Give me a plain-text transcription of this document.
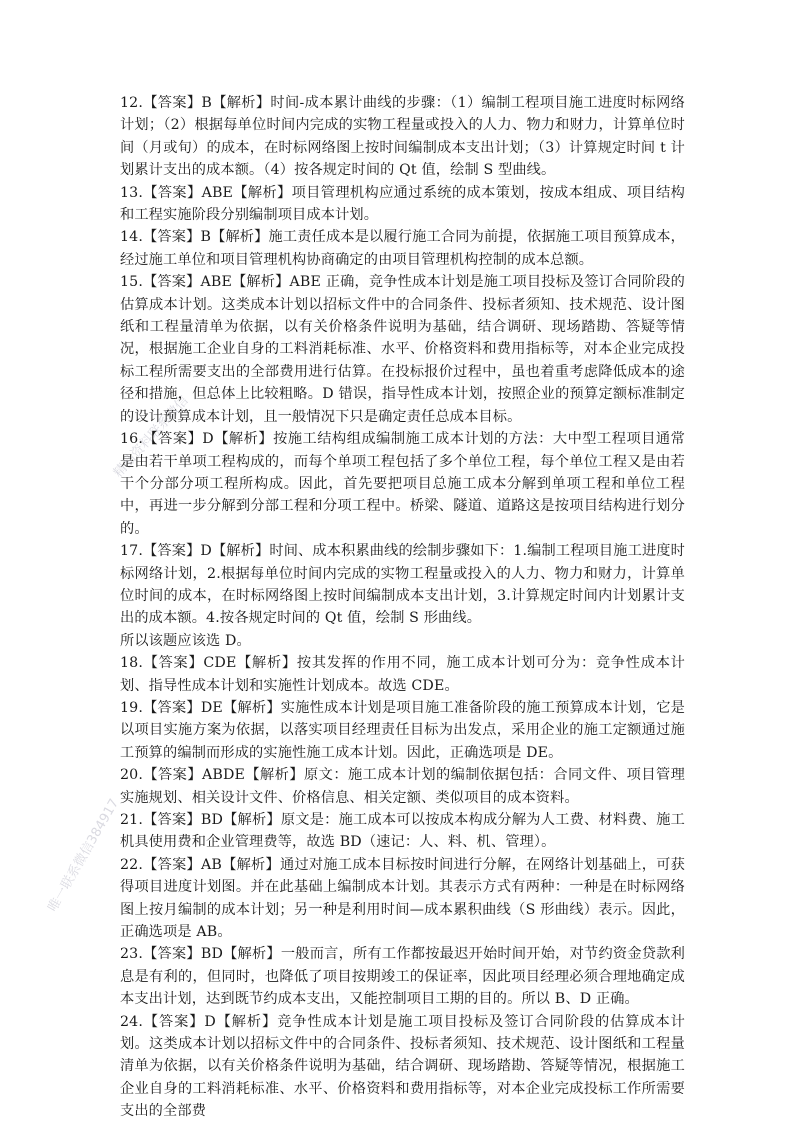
精品资料联系微信
唯一联系微信384917

12.【答案】B【解析】时间-成本累计曲线的步骤：（1）编制工程项目施工进度时标网络计划；（2）根据每单位时间内完成的实物工程量或投入的人力、物力和财力，计算单位时间（月或旬）的成本，在时标网络图上按时间编制成本支出计划；（3）计算规定时间 t 计划累计支出的成本额。（4）按各规定时间的 Qt 值，绘制 S 型曲线。

13.【答案】ABE【解析】项目管理机构应通过系统的成本策划，按成本组成、项目结构和工程实施阶段分别编制项目成本计划。

14.【答案】B【解析】施工责任成本是以履行施工合同为前提，依据施工项目预算成本，经过施工单位和项目管理机构协商确定的由项目管理机构控制的成本总额。

15.【答案】ABE【解析】ABE 正确，竞争性成本计划是施工项目投标及签订合同阶段的估算成本计划。这类成本计划以招标文件中的合同条件、投标者须知、技术规范、设计图纸和工程量清单为依据，以有关价格条件说明为基础，结合调研、现场踏勘、答疑等情况，根据施工企业自身的工料消耗标准、水平、价格资料和费用指标等，对本企业完成投标工程所需要支出的全部费用进行估算。在投标报价过程中，虽也着重考虑降低成本的途径和措施，但总体上比较粗略。D 错误，指导性成本计划，按照企业的预算定额标准制定的设计预算成本计划，且一般情况下只是确定责任总成本目标。

16.【答案】D【解析】按施工结构组成编制施工成本计划的方法：大中型工程项目通常是由若干单项工程构成的，而每个单项工程包括了多个单位工程，每个单位工程又是由若干个分部分项工程所构成。因此，首先要把项目总施工成本分解到单项工程和单位工程中，再进一步分解到分部工程和分项工程中。桥梁、隧道、道路这是按项目结构进行划分的。

17.【答案】D【解析】时间、成本积累曲线的绘制步骤如下：1.编制工程项目施工进度时标网络计划，2.根据每单位时间内完成的实物工程量或投入的人力、物力和财力，计算单位时间的成本，在时标网络图上按时间编制成本支出计划，3.计算规定时间内计划累计支出的成本额。4.按各规定时间的 Qt 值，绘制 S 形曲线。

所以该题应该选 D。

18.【答案】CDE【解析】按其发挥的作用不同，施工成本计划可分为：竞争性成本计划、指导性成本计划和实施性计划成本。故选 CDE。

19.【答案】DE【解析】实施性成本计划是项目施工准备阶段的施工预算成本计划，它是以项目实施方案为依据，以落实项目经理责任目标为出发点，采用企业的施工定额通过施工预算的编制而形成的实施性施工成本计划。因此，正确选项是 DE。

20.【答案】ABDE【解析】原文：施工成本计划的编制依据包括：合同文件、项目管理实施规划、相关设计文件、价格信息、相关定额、类似项目的成本资料。

21.【答案】BD【解析】原文是：施工成本可以按成本构成分解为人工费、材料费、施工机具使用费和企业管理费等，故选 BD（速记：人、料、机、管理）。

22.【答案】AB【解析】通过对施工成本目标按时间进行分解，在网络计划基础上，可获得项目进度计划图。并在此基础上编制成本计划。其表示方式有两种：一种是在时标网络图上按月编制的成本计划；另一种是利用时间—成本累积曲线（S 形曲线）表示。因此，正确选项是 AB。

23.【答案】BD【解析】一般而言，所有工作都按最迟开始时间开始，对节约资金贷款利息是有利的，但同时，也降低了项目按期竣工的保证率，因此项目经理必须合理地确定成本支出计划，达到既节约成本支出，又能控制项目工期的目的。所以 B、D 正确。

24.【答案】D【解析】竞争性成本计划是施工项目投标及签订合同阶段的估算成本计划。这类成本计划以招标文件中的合同条件、投标者须知、技术规范、设计图纸和工程量清单为依据，以有关价格条件说明为基础，结合调研、现场踏勘、答疑等情况，根据施工企业自身的工料消耗标准、水平、价格资料和费用指标等，对本企业完成投标工作所需要支出的全部费
